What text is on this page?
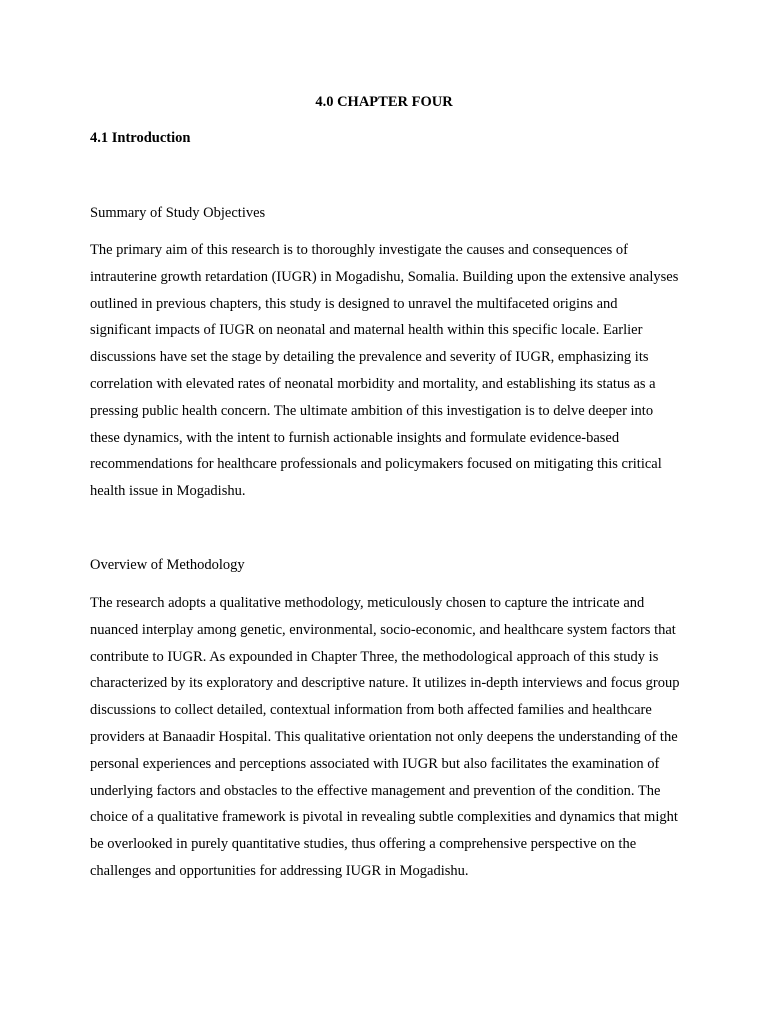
4.0 CHAPTER FOUR
4.1 Introduction
Summary of Study Objectives

The primary aim of this research is to thoroughly investigate the causes and consequences of intrauterine growth retardation (IUGR) in Mogadishu, Somalia. Building upon the extensive analyses outlined in previous chapters, this study is designed to unravel the multifaceted origins and significant impacts of IUGR on neonatal and maternal health within this specific locale. Earlier discussions have set the stage by detailing the prevalence and severity of IUGR, emphasizing its correlation with elevated rates of neonatal morbidity and mortality, and establishing its status as a pressing public health concern. The ultimate ambition of this investigation is to delve deeper into these dynamics, with the intent to furnish actionable insights and formulate evidence-based recommendations for healthcare professionals and policymakers focused on mitigating this critical health issue in Mogadishu.

Overview of Methodology

The research adopts a qualitative methodology, meticulously chosen to capture the intricate and nuanced interplay among genetic, environmental, socio-economic, and healthcare system factors that contribute to IUGR. As expounded in Chapter Three, the methodological approach of this study is characterized by its exploratory and descriptive nature. It utilizes in-depth interviews and focus group discussions to collect detailed, contextual information from both affected families and healthcare providers at Banaadir Hospital. This qualitative orientation not only deepens the understanding of the personal experiences and perceptions associated with IUGR but also facilitates the examination of underlying factors and obstacles to the effective management and prevention of the condition. The choice of a qualitative framework is pivotal in revealing subtle complexities and dynamics that might be overlooked in purely quantitative studies, thus offering a comprehensive perspective on the challenges and opportunities for addressing IUGR in Mogadishu.
